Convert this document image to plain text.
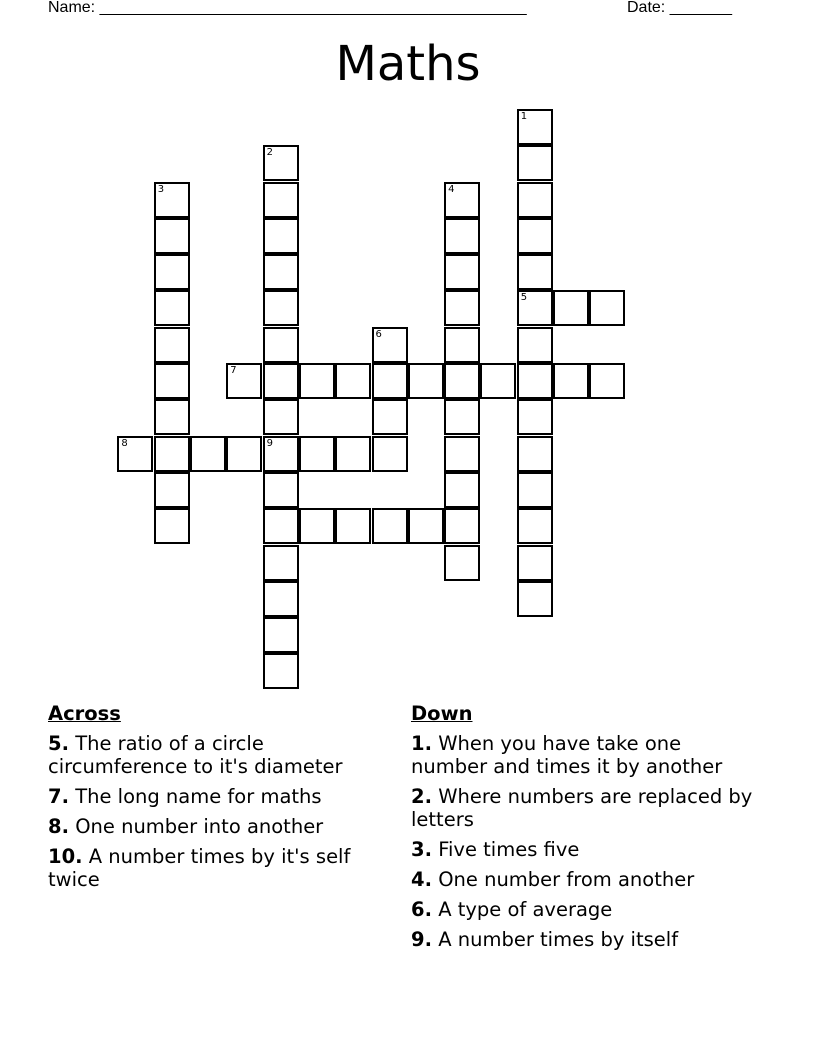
Name: ________________________________________________

	Date: _______

Maths
1
5
2
9
3	4
6
7
8
Across
5. The ratio of a circle circumference to it's diameter
7. The long name for maths
8. One number into another
10. A number times by it's self twice
Down
1. When you have take one number and times it by another
2. Where numbers are replaced by letters
3. Five times five
4. One number from another
6. A type of average
9. A number times by itself
